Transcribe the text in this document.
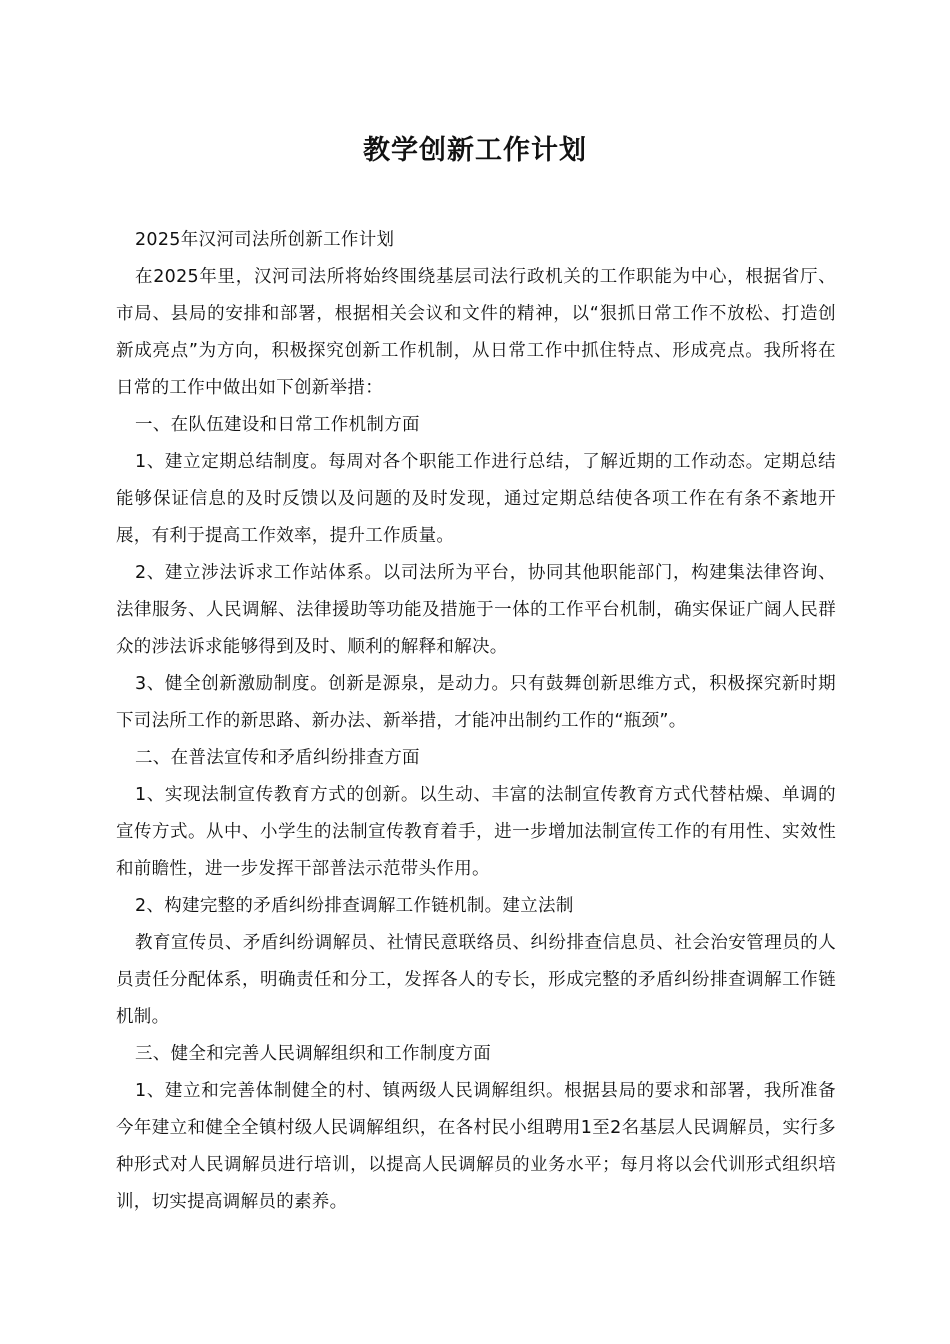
教学创新工作计划

2025年汉河司法所创新工作计划

在2025年里，汉河司法所将始终围绕基层司法行政机关的工作职能为中心，根据省厅、市局、县局的安排和部署，根据相关会议和文件的精神，以“狠抓日常工作不放松、打造创新成亮点”为方向，积极探究创新工作机制，从日常工作中抓住特点、形成亮点。我所将在日常的工作中做出如下创新举措：

一、在队伍建设和日常工作机制方面

1、建立定期总结制度。每周对各个职能工作进行总结，了解近期的工作动态。定期总结能够保证信息的及时反馈以及问题的及时发现，通过定期总结使各项工作在有条不紊地开展，有利于提高工作效率，提升工作质量。

2、建立涉法诉求工作站体系。以司法所为平台，协同其他职能部门，构建集法律咨询、法律服务、人民调解、法律援助等功能及措施于一体的工作平台机制，确实保证广阔人民群众的涉法诉求能够得到及时、顺利的解释和解决。

3、健全创新激励制度。创新是源泉，是动力。只有鼓舞创新思维方式，积极探究新时期下司法所工作的新思路、新办法、新举措，才能冲出制约工作的“瓶颈”。

二、在普法宣传和矛盾纠纷排查方面

1、实现法制宣传教育方式的创新。以生动、丰富的法制宣传教育方式代替枯燥、单调的宣传方式。从中、小学生的法制宣传教育着手，进一步增加法制宣传工作的有用性、实效性和前瞻性，进一步发挥干部普法示范带头作用。

2、构建完整的矛盾纠纷排查调解工作链机制。建立法制

教育宣传员、矛盾纠纷调解员、社情民意联络员、纠纷排查信息员、社会治安管理员的人员责任分配体系，明确责任和分工，发挥各人的专长，形成完整的矛盾纠纷排查调解工作链机制。

三、健全和完善人民调解组织和工作制度方面

1、建立和完善体制健全的村、镇两级人民调解组织。根据县局的要求和部署，我所准备今年建立和健全全镇村级人民调解组织，在各村民小组聘用1至2名基层人民调解员，实行多种形式对人民调解员进行培训，以提高人民调解员的业务水平；每月将以会代训形式组织培训，切实提高调解员的素养。
